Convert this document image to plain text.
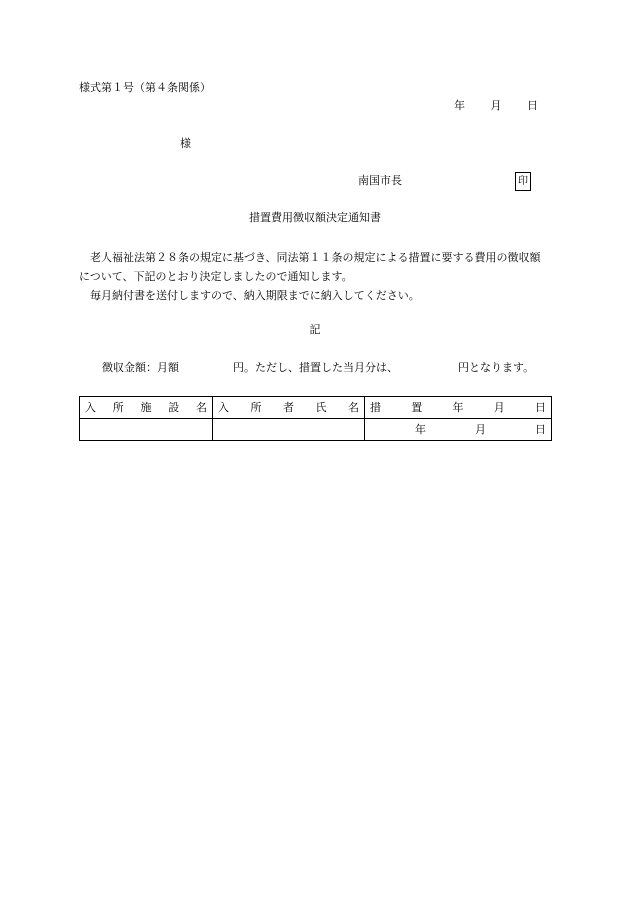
様式第１号（第４条関係）
年 月 日
様
南国市長	印
措置費用徴収額決定通知書

老人福祉法第２８条の規定に基づき、同法第１１条の規定による措置に要する費用の徴収額

について、下記のとおり決定しましたので通知します。

毎月納付書を送付しますので、納入期限までに納入してください。

記
徴収金額：月額	円。ただし、措置した当月分は、	円となります。
入 所 施 設 名	入 所 者 氏 名	措 置 年 月 日

		年 月 日
